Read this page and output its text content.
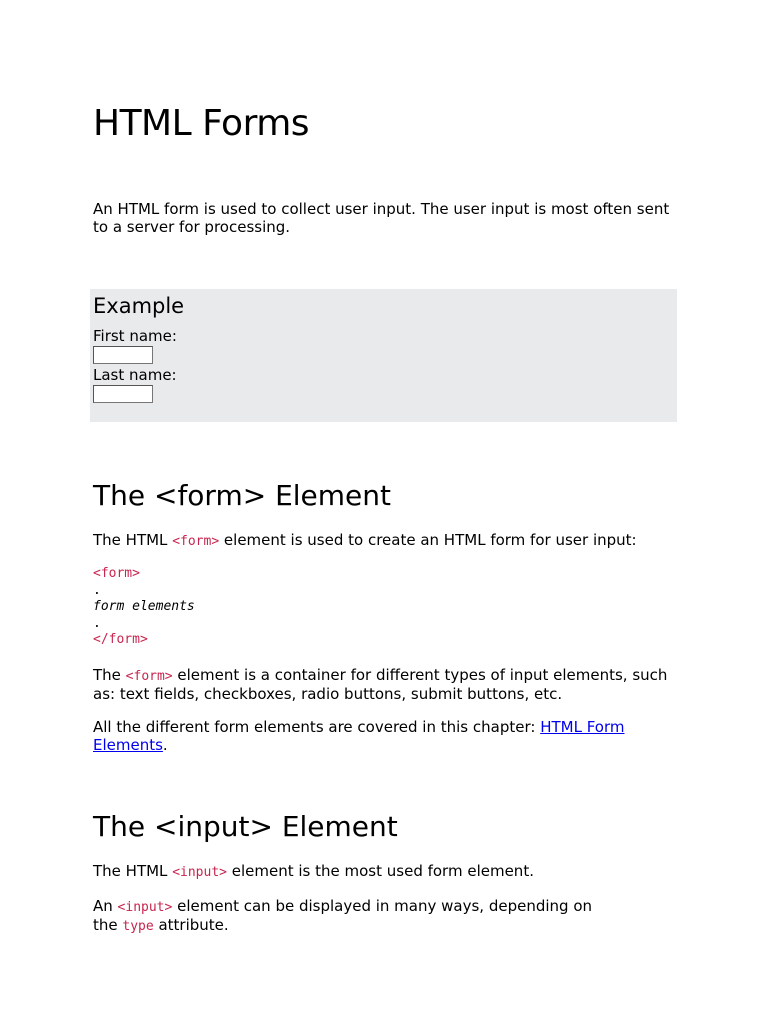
HTML Forms

An HTML form is used to collect user input. The user input is most often sent to a server for processing.

Example
First name:
Last name:
The <form> Element

The HTML <form> element is used to create an HTML form for user input:

<form>
.
form elements
.
</form>

The <form> element is a container for different types of input elements, such as: text fields, checkboxes, radio buttons, submit buttons, etc.

All the different form elements are covered in this chapter: HTML Form Elements.

The <input> Element

The HTML <input> element is the most used form element.

An <input> element can be displayed in many ways, depending on the type attribute.
